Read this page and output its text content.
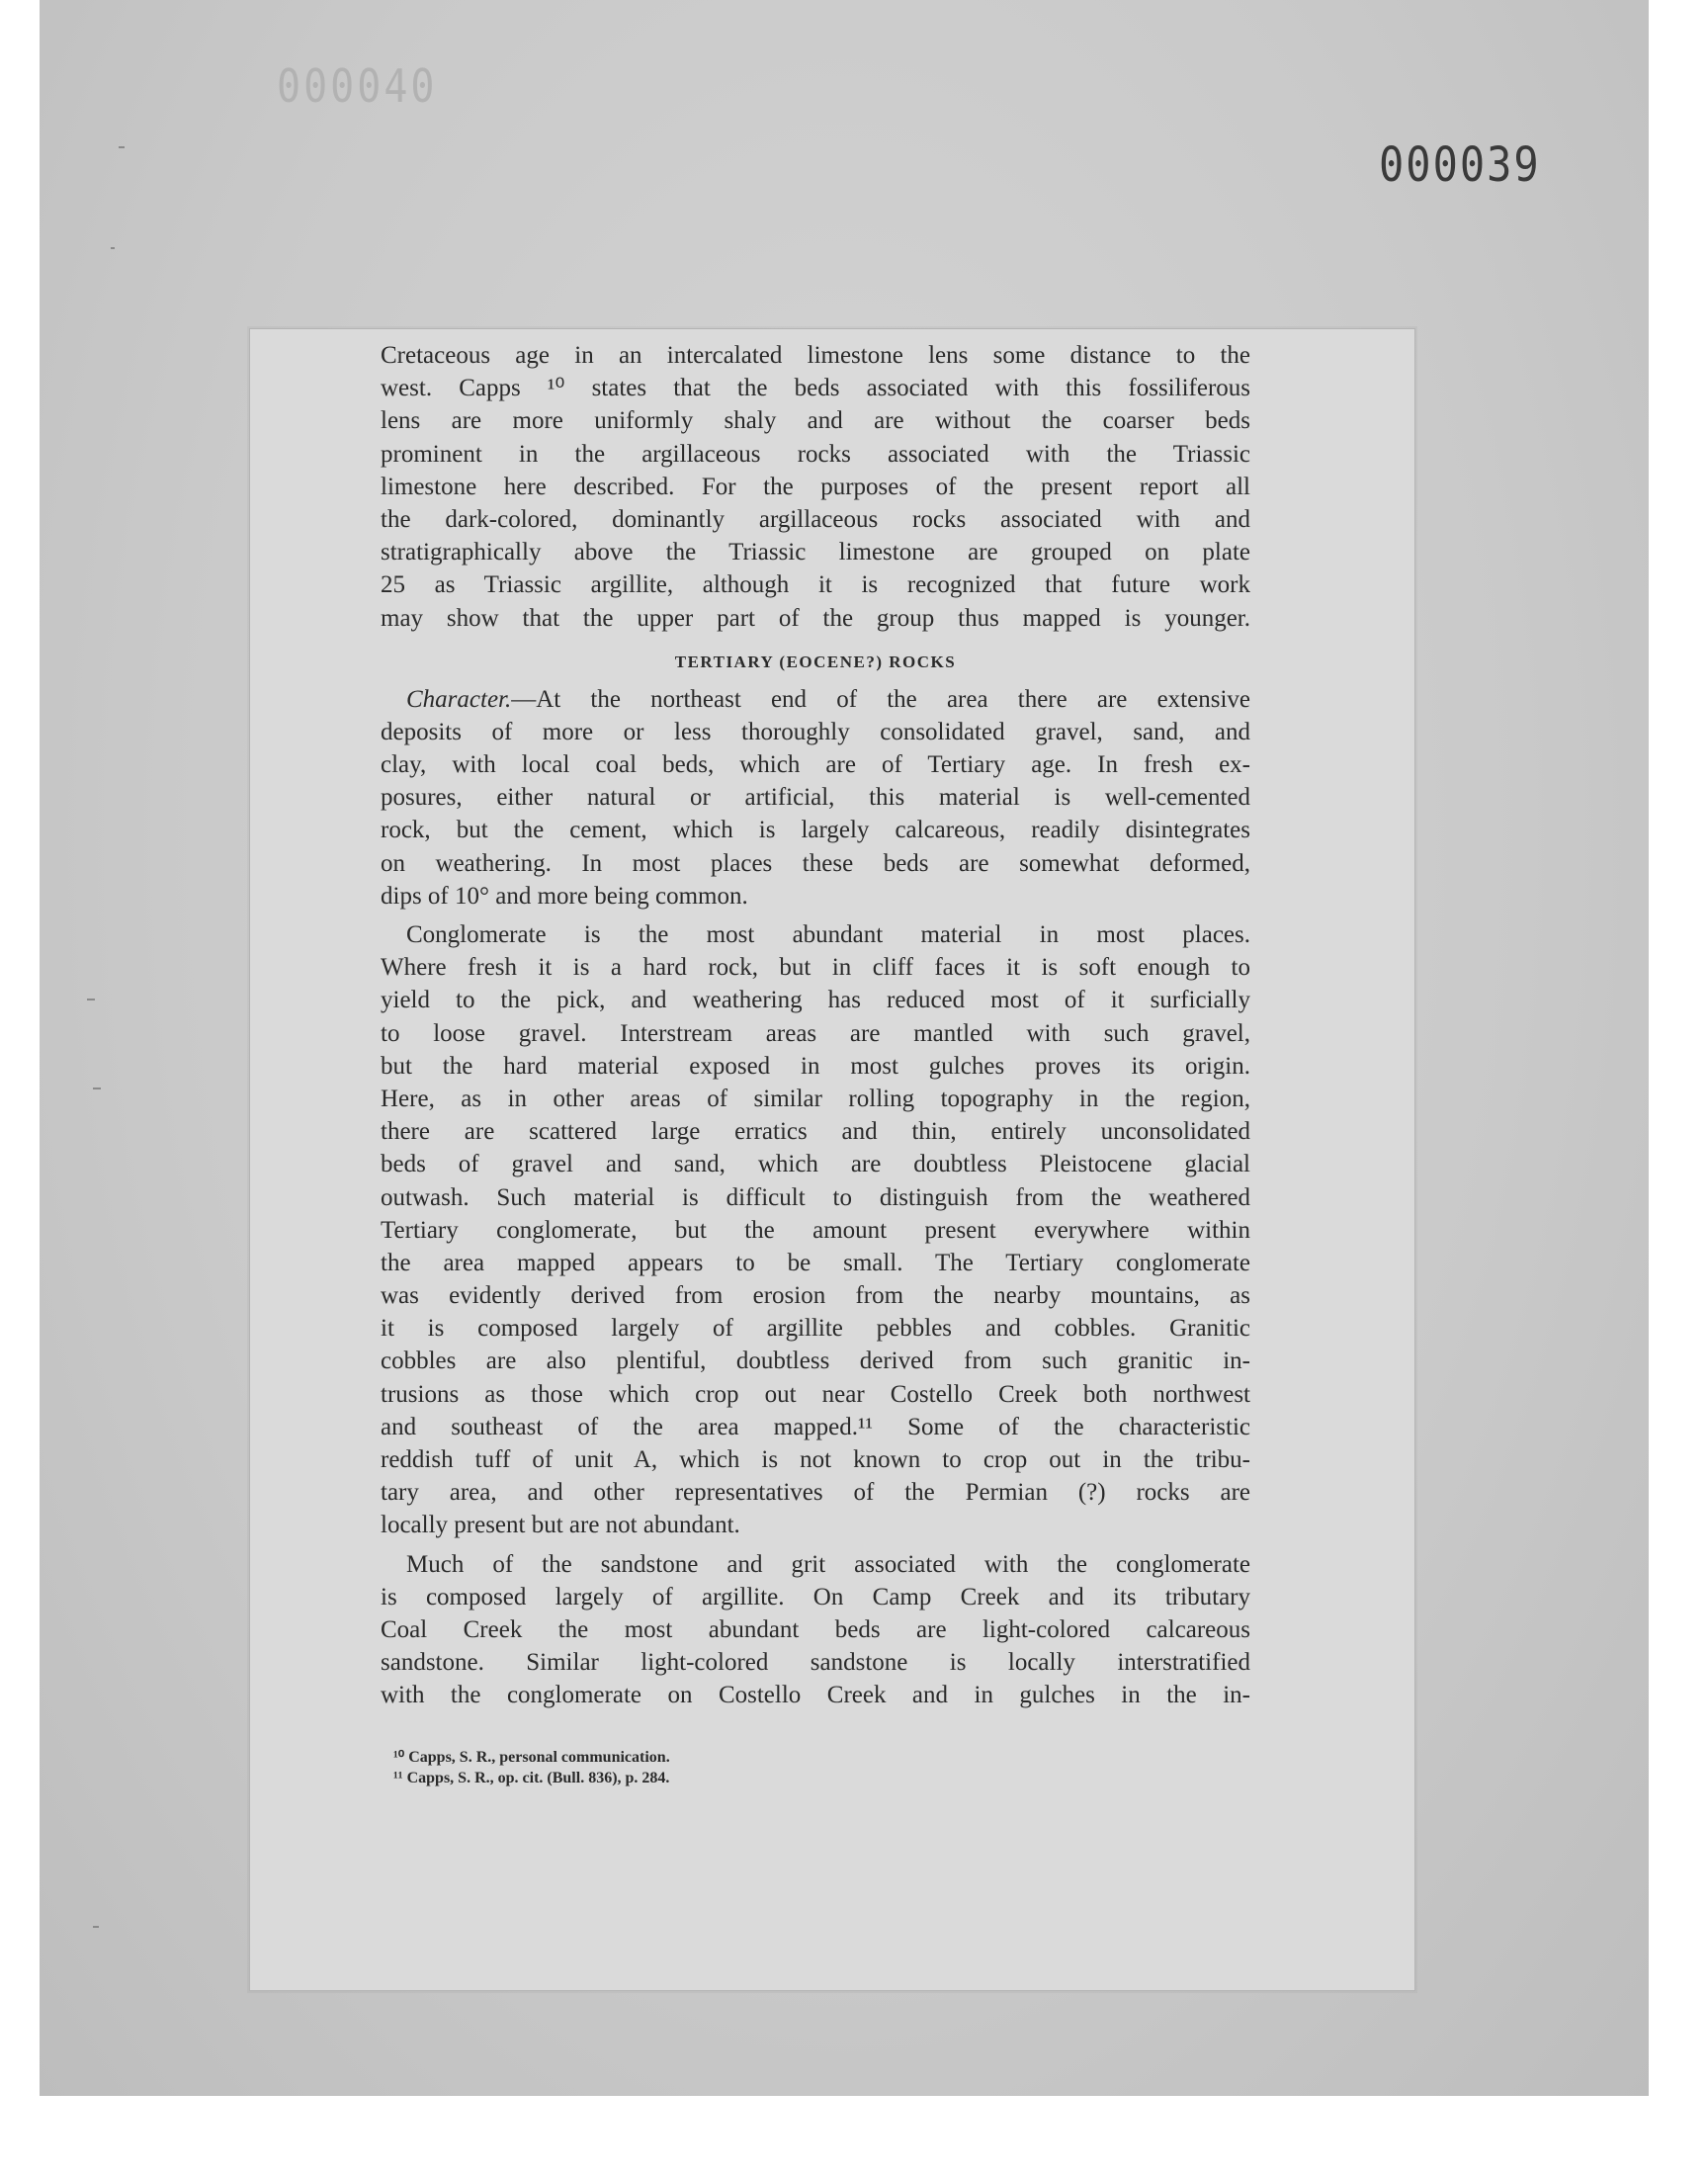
000040
000039
Cretaceous age in an intercalated limestone lens some distance to the
west. Capps ¹⁰ states that the beds associated with this fossiliferous
lens are more uniformly shaly and are without the coarser beds
prominent in the argillaceous rocks associated with the Triassic
limestone here described. For the purposes of the present report all
the dark-colored, dominantly argillaceous rocks associated with and
stratigraphically above the Triassic limestone are grouped on plate
25 as Triassic argillite, although it is recognized that future work
may show that the upper part of the group thus mapped is younger.
TERTIARY (EOCENE?) ROCKS
Character.—At the northeast end of the area there are extensive
deposits of more or less thoroughly consolidated gravel, sand, and
clay, with local coal beds, which are of Tertiary age. In fresh ex-
posures, either natural or artificial, this material is well-cemented
rock, but the cement, which is largely calcareous, readily disintegrates
on weathering. In most places these beds are somewhat deformed,
dips of 10° and more being common.
Conglomerate is the most abundant material in most places.
Where fresh it is a hard rock, but in cliff faces it is soft enough to
yield to the pick, and weathering has reduced most of it surficially
to loose gravel. Interstream areas are mantled with such gravel,
but the hard material exposed in most gulches proves its origin.
Here, as in other areas of similar rolling topography in the region,
there are scattered large erratics and thin, entirely unconsolidated
beds of gravel and sand, which are doubtless Pleistocene glacial
outwash. Such material is difficult to distinguish from the weathered
Tertiary conglomerate, but the amount present everywhere within
the area mapped appears to be small. The Tertiary conglomerate
was evidently derived from erosion from the nearby mountains, as
it is composed largely of argillite pebbles and cobbles. Granitic
cobbles are also plentiful, doubtless derived from such granitic in-
trusions as those which crop out near Costello Creek both northwest
and southeast of the area mapped.¹¹ Some of the characteristic
reddish tuff of unit A, which is not known to crop out in the tribu-
tary area, and other representatives of the Permian (?) rocks are
locally present but are not abundant.
Much of the sandstone and grit associated with the conglomerate
is composed largely of argillite. On Camp Creek and its tributary
Coal Creek the most abundant beds are light-colored calcareous
sandstone. Similar light-colored sandstone is locally interstratified
with the conglomerate on Costello Creek and in gulches in the in-
¹⁰ Capps, S. R., personal communication.
¹¹ Capps, S. R., op. cit. (Bull. 836), p. 284.
